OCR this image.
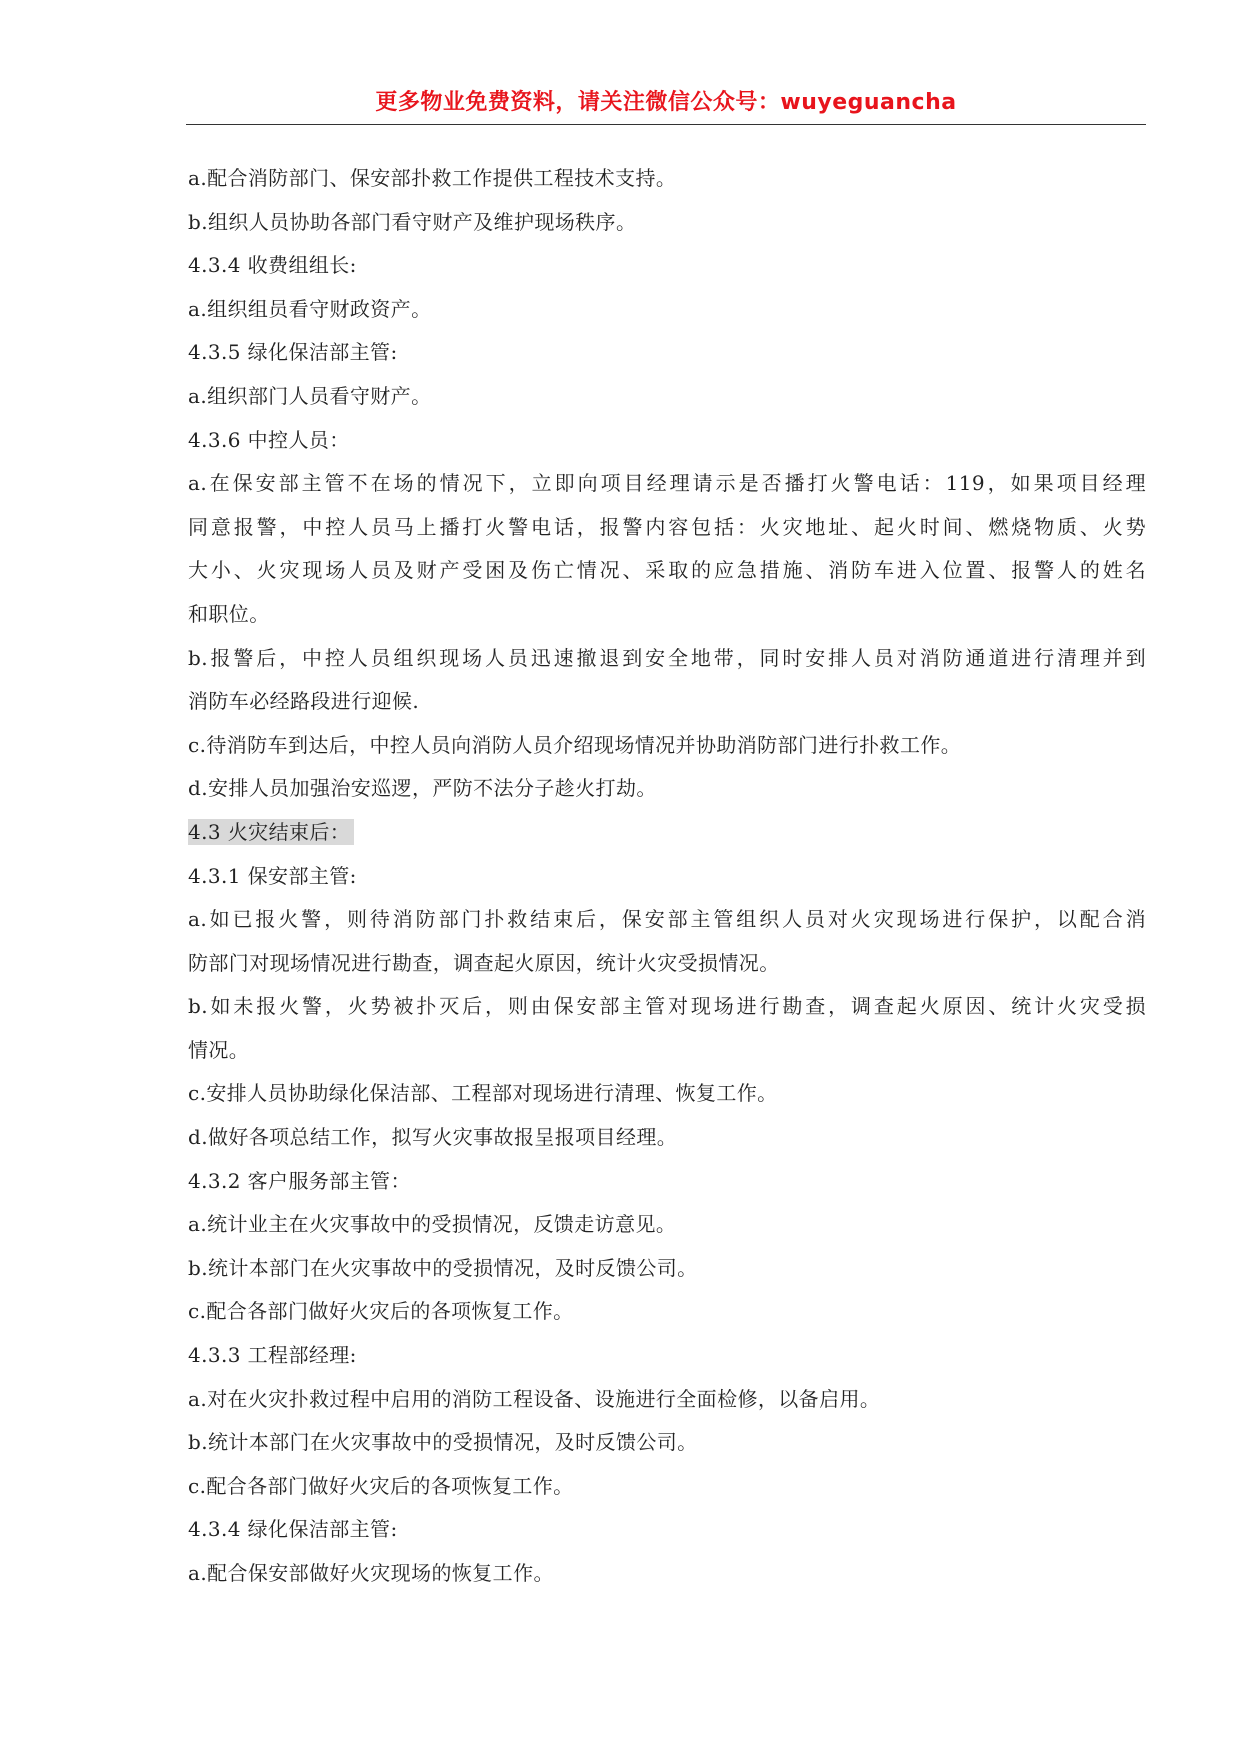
更多物业免费资料，请关注微信公众号：wuyeguancha
a.配合消防部门、保安部扑救工作提供工程技术支持。
b.组织人员协助各部门看守财产及维护现场秩序。
4.3.4 收费组组长:
a.组织组员看守财政资产。
4.3.5 绿化保洁部主管:
a.组织部门人员看守财产。
4.3.6 中控人员：
a.在保安部主管不在场的情况下，立即向项目经理请示是否播打火警电话：119，如果项目经理
同意报警，中控人员马上播打火警电话，报警内容包括：火灾地址、起火时间、燃烧物质、火势
大小、火灾现场人员及财产受困及伤亡情况、采取的应急措施、消防车进入位置、报警人的姓名
和职位。
b.报警后，中控人员组织现场人员迅速撤退到安全地带，同时安排人员对消防通道进行清理并到
消防车必经路段进行迎候.
c.待消防车到达后，中控人员向消防人员介绍现场情况并协助消防部门进行扑救工作。
d.安排人员加强治安巡逻，严防不法分子趁火打劫。
4.3 火灾结束后：
4.3.1 保安部主管:
a.如已报火警，则待消防部门扑救结束后，保安部主管组织人员对火灾现场进行保护，以配合消
防部门对现场情况进行勘查，调查起火原因，统计火灾受损情况。
b.如未报火警，火势被扑灭后，则由保安部主管对现场进行勘查，调查起火原因、统计火灾受损
情况。
c.安排人员协助绿化保洁部、工程部对现场进行清理、恢复工作。
d.做好各项总结工作，拟写火灾事故报呈报项目经理。
4.3.2 客户服务部主管：
a.统计业主在火灾事故中的受损情况，反馈走访意见。
b.统计本部门在火灾事故中的受损情况，及时反馈公司。
c.配合各部门做好火灾后的各项恢复工作。
4.3.3 工程部经理:
a.对在火灾扑救过程中启用的消防工程设备、设施进行全面检修，以备启用。
b.统计本部门在火灾事故中的受损情况，及时反馈公司。
c.配合各部门做好火灾后的各项恢复工作。
4.3.4 绿化保洁部主管:
a.配合保安部做好火灾现场的恢复工作。
